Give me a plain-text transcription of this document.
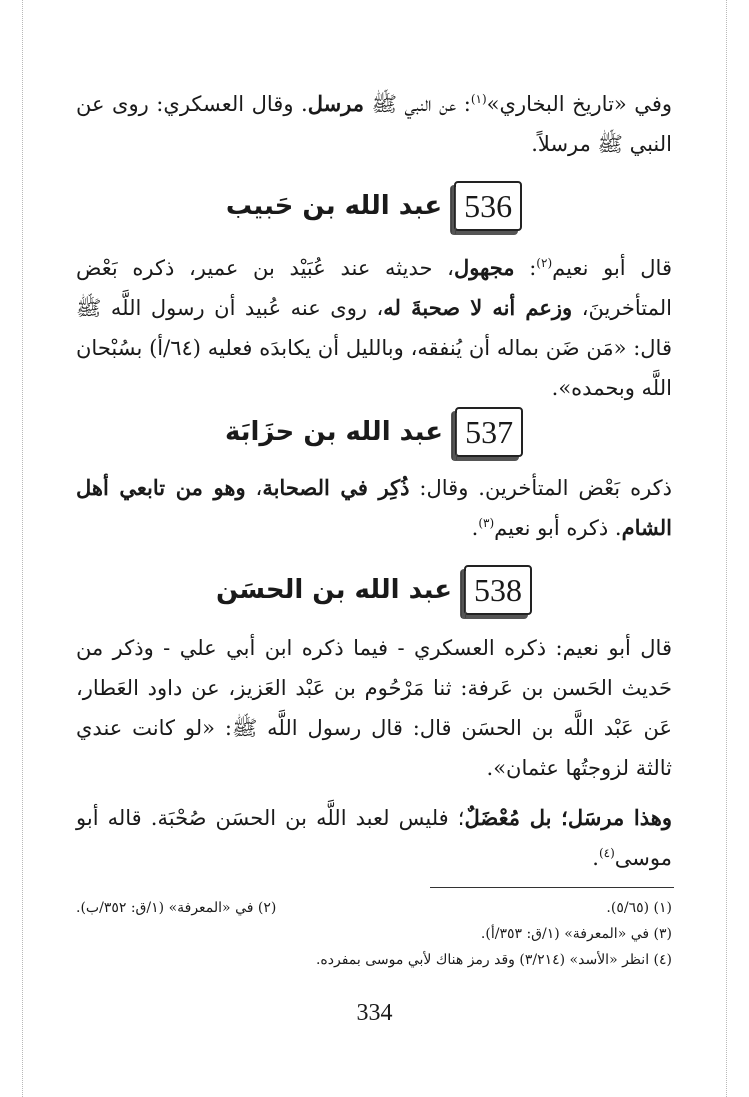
وفي «تاريخ البخاري»$^{(١)}$: عن النبي ﷺ مرسل. وقال العسكري: روى عن النبي ﷺ مرسلاً.

536
عبد الله بن حَبيب

قال أبو نعيم$^{(٢)}$: مجهول، حديثه عند عُبَيْد بن عمير، ذكره بَعْض المتأخرينَ، وزعم أنه لا صحبةَ له، روى عنه عُبيد أن رسول اللَّه ﷺ قال: «مَن ضَن بماله أن يُنفقه، وبالليل أن يكابدَه فعليه (٦٤/أ) بسُبْحان اللَّه وبحمده».

537
عبد الله بن حزَابَة

ذكره بَعْض المتأخرين. وقال: ذُكِر في الصحابة، وهو من تابعي أهل الشام. ذكره أبو نعيم$^{(٣)}$.

538
عبد الله بن الحسَن

قال أبو نعيم: ذكره العسكري - فيما ذكره ابن أبي علي - وذكر من حَديث الحَسن بن عَرفة: ثنا مَرْحُوم بن عَبْد العَزيز، عن داود العَطار، عَن عَبْد اللَّه بن الحسَن قال: قال رسول اللَّه ﷺ: «لو كانت عندي ثالثة لزوجتُها عثمان».

وهذا مرسَل؛ بل مُعْضَلٌ؛ فليس لعبد اللَّه بن الحسَن صُحْبَة. قاله أبو موسى$^{(٤)}$.

(١) (٥/٦٥).
(٢) في «المعرفة» (١/ق: ٣٥٢/ب).
(٣) في «المعرفة» (١/ق: ٣٥٣/أ).
(٤) انظر «الأسد» (٣/٢١٤) وقد رمز هناك لأبي موسى بمفرده.
334
